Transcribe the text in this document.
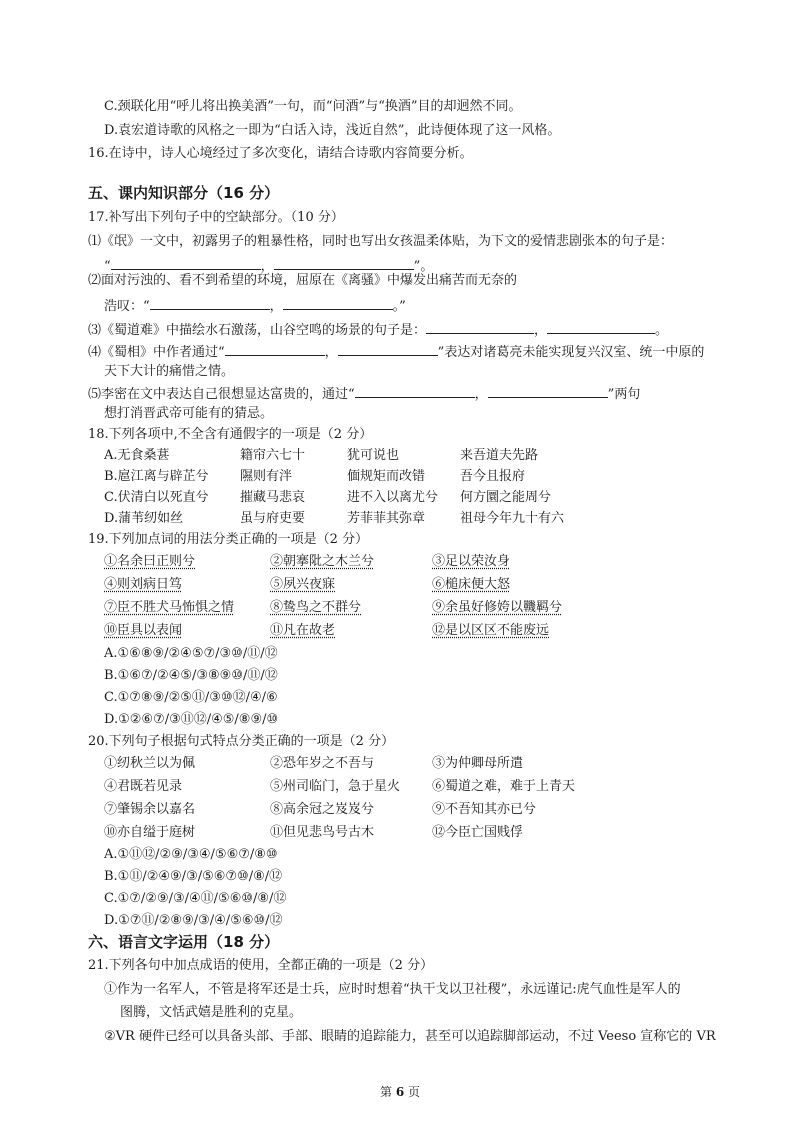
C.颈联化用“呼儿将出换美酒”一句，而“问酒”与“换酒”目的却迥然不同。
D.袁宏道诗歌的风格之一即为“白话入诗，浅近自然”，此诗便体现了这一风格。
16.在诗中，诗人心境经过了多次变化，请结合诗歌内容简要分析。
五、课内知识部分（16 分）
17.补写出下列句子中的空缺部分。（10 分）
⑴《氓》一文中，初露男子的粗暴性格，同时也写出女孩温柔体贴，为下文的爱情悲剧张本的句子是：
“	，	”。
⑵面对污浊的、看不到希望的环境，屈原在《离骚》中爆发出痛苦而无奈的
浩叹：“	，	。”
⑶《蜀道难》中描绘水石激荡，山谷空鸣的场景的句子是：	，	。
⑷《蜀相》中作者通过“	，	”表达对诸葛亮未能实现复兴汉室、统一中原的
天下大计的痛惜之情。
⑸李密在文中表达自己很想显达富贵的，通过“	，	”两句
想打消晋武帝可能有的猜忌。
18.下列各项中,不全含有通假字的一项是（2 分）
A.无食桑葚	籍帘六七十	犹可说也	来吾道夫先路
B.扈江离与辟芷兮 隰则有泮	偭规矩而改错	吾今且报府
C.伏清白以死直兮 摧藏马悲哀	进不入以离尤兮 何方圜之能周兮
D.蒲苇纫如丝	虽与府吏要	芳菲菲其弥章	祖母今年九十有六
19.下列加点词的用法分类正确的一项是（2 分）
①名余曰正则兮	②朝搴阰之木兰兮	③足以荣汝身
④则刘病日笃	⑤夙兴夜寐	⑥槌床便大怒
⑦臣不胜犬马怖惧之情	⑧鸷鸟之不群兮	⑨余虽好修姱以鞿羁兮
⑩臣具以表闻	⑪凡在故老	⑫是以区区不能废远
A.①⑥⑧⑨/②④⑤⑦/③⑩/⑪/⑫
B.①⑥⑦/②④⑤/③⑧⑨⑩/⑪/⑫
C.①⑦⑧⑨/②⑤⑪/③⑩⑫/④/⑥
D.①②⑥⑦/③⑪⑫/④⑤/⑧⑨/⑩
20.下列句子根据句式特点分类正确的一项是（2 分）
①纫秋兰以为佩	②恐年岁之不吾与	③为仲卿母所遣
④君既若见录	⑤州司临门，急于星火 ⑥蜀道之难，难于上青天
⑦肇锡余以嘉名	⑧高余冠之岌岌兮	⑨不吾知其亦已兮
⑩亦自缢于庭树	⑪但见悲鸟号古木	⑫今臣亡国贱俘
A.①⑪⑫/②⑨/③④/⑤⑥⑦/⑧⑩
B.①⑪/②④⑨/③/⑤⑥⑦⑩/⑧/⑫
C.①⑦/②⑨/③/④⑪/⑤⑥⑩/⑧/⑫
D.①⑦⑪/②⑧⑨/③/④/⑤⑥⑩/⑫
六、语言文字运用（18 分）
21.下列各句中加点成语的使用，全都正确的一项是（2 分）
①作为一名军人，不管是将军还是士兵，应时时想着“执干戈以卫社稷”，永远谨记:虎气血性是军人的
图腾，文恬武嬉是胜利的克星。
②VR 硬件已经可以具备头部、手部、眼睛的追踪能力，甚至可以追踪脚部运动，不过 Veeso 宣称它的 VR
第 6 页
